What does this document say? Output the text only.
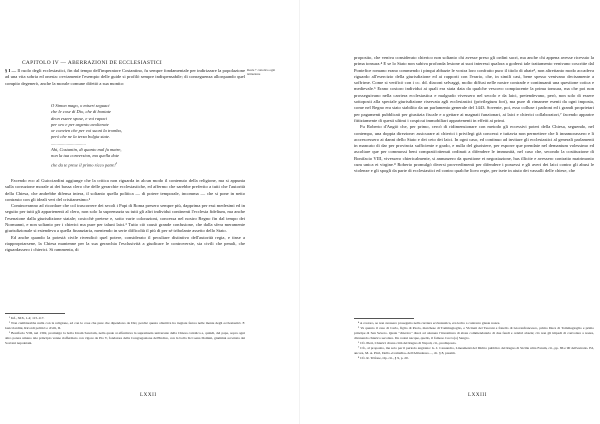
CAPITOLO IV — ABERRAZIONI DE ECCLESIASTICI
Reale + cattolico ogni istituzione

§ I — Il ruolo degli ecclesiastici, fin dal tempo dell'imperatore Costantino, fu sempre fondamentale per indirizzare la popolazione ad una vita sobria ed onesta: ovviamente l'esempio delle guide si profilò sempre indispensabile; di conseguenza allorquando quel compito degenerò, anche la morale comune difettò a sua monito:

O Simon mago, o miseri seguaci
che le cose di Dio, che di bontate
deon essere spose, e voi rapaci
per oro e per argento avolterate
or convien che per voi suoni la tromba,
però che ne la terza bolgia state.
...............................
Ahi, Costantin, di quanto mal fu matre,
non la tua conversion, ma quella dote
che da te prese il primo ricco patre!$^1$

Facendo eco al Guicciardini aggiunge che la critica non riguarda in alcun modo il contenuto della religione, ma si appunta sulla corruzione morale ai dei bassa clero che delle gerarchie ecclesiastiche, ed affermo che sarebbe preferito a tutti che l'autorità della Chiesa, che andrebbe difensa intera, il soltanto quella politica — di potere temporale, incomma — che si pone in netto contrasto con gli ideali veri del cristianesimo.²

Cominceranno ad ricordare che col trascorrere dei secoli i Papi di Roma presero sempre più, dapprima per essi medesimi ed in seguito per tutti gli appartenenti al clero, non solo la supremazia su tutti gli altri individui continenti l'ecclesia fidelium, ma anche l'esenzione dalla giurisdizione statale; cosicchè pretese e, sotto varie colorazioni, concessa nel nostro Regno fin dal tempo dei Normanni, e non soltanto per i chierici ma pure per taluni laici.³ Tutto ciò causò grande confusione, che dalla sfera meramente giurisdizionale si estendeva a quella finanziaria, mentendo in serie difficoltà il più di per sé tribolante assetto dello Stato.

Ed anche quando la potestà civile rivendicò quel potere, considerato il peculiare distintivo dell'autorità regia, e tinse a riappropriarsene, la Chiesa mantenne per la sua gerarchia l'esclusività a giudicare le controversie, sia civili che penali, che riguardassero i chierici. Si rammenta, di

¹ Inf., XIX, 1-4; 115-117.

² Non cambiarebbe nulla con la religione, ed con le cose che pure che dipendono da Dio; perché questa obiettiva ha tregiate ferrea nelle mente degli ecclesiastici. F. Guicciardini, Ricordi politici e civili, II.

³ Bonifacio VIII, nel 1302, promulgò la bolla Unam Sanctam, nella quale si affermava la supremazia universale della Chiesa cattolica e, quindi, del papa, sopra ogni altro potere umano tale principio venne riaffermato con vigore da Pio V, fondatore della Congregazione dell'Indice, con la bolla In Coena Domini, giammai accettata dai Sovrani napoletani.

LXXII

proposito, che veniva considerato chierico non soltanto chi avesse preso gli ordini sacri, ma anche chi appena avesse ricevuto la prima tonsura.⁴ E se lo Stato non subiva profonda lesione ai suoi interessi qualora a godersi tale trattamento venivano coscritte dal Pontefice romano erano commendo i pinqui abbazie le vostra loro confratto puro il titolo di abate⁵, non altrettanto modo accadeva riguardo all'esercizio della giurisdizione ed ai rapporti con l'erario, che, in simili casi, bene spesso venivano decisamente a soffrirne. Come si verificò con i cc. dd. diaconi selvaggi, molto diffusi nelle nostre contrade e continuanti una questione cotica e medievale.⁶ Erano costoro individui ai quali era stata data da qualche vescovo compiacente la prima tonsura, ma che poi non prosseguivano nella carriera ecclesiastica e malgrado vivessero nel secolo e da laici, pretendevano, però, non solo di essere sottoposti alla speciale giurisdizione riservata agli ecclesiastici (privilegium fori), ma pure di rimanere esenti da ogni imposta, come nel Regno era stato stabilito da un parlamento generale del 1443. Sovente, poi, esso colluse i padroni ed i grandi proprietari per pagamenti pubblicati per giustizia fiscale e a gettare ai magnati funzionari, ai laici e chierici collaboratori,⁷ facendo apparire fittiziamente di questi ultimi i cospicui immobiliari appartenenti in effetti ai primi.

Fu Roberto d'Angiò che, per primo, cercò di ridimensionare con metodo gli eccessivi poteri della Chiesa, seguendo, nel contempo, una doppia direzione: assicurare ai chierici i privilegi già concessi e tuttavia non permettere che li innamorassero e li accrescessero ai danni dello Stato e dei ceto dei laici. In ogni caso, ed continuo ad invitare gli ecclesiastici al generali parlamenti in mancato di dar per provincia sufficiente e grado, e nulla del giuristere, per esporre que prendate nel demanium volessimo ed ascoltare que per commossi beni comprati/ottenuti ordinati a difendere le immunità, nel caso che, secondo la costituzione di Bonifacio VIII, vivessero chiericalmente, si annunzero da questione et negoziazione, hus illicite e avessero contratto matrimonio cum unica et virgine.⁸ Roberto promulgò diversi provvedimenti per difendere i possessi e gli averi dei laici contro gli abusi le violenze e gli spogli da parte di ecclesiastici ed contro qualche liceo regie, per isete in aiuto dei vassalli delle chiese, che

⁴ A costoro, se non avessero proseguito nella carriera ecclesiastica, era lecito a contrarre giuste nozze.

⁵ Va quanto il caso di Carlo, figlio di Paolo, marchese di Tommagioglio, e Vicinati del Tuscani e fratello di Giovanfrancesco, primo Duca di Tommagioglio e primo principe di San Severo. Quale "chierico" diacè ad ottenere l'investitura di abate commendatario di due feudi e celebri abazie; ciò non gli impedì di convolare a nozze, divenendo chierico secolare. Da costui nacque, quello, il famoso Cecco(o) Sangro.

⁶ Cfr. Pieri, Chierici di una città del Regno di Napoli, cit., predisposto.

⁷ Cfr., al proposito, ma solo per il periodo angioino: G. I. Cassandro, Lineamenti del Diritto pubblico del Regno di Sicilia ultra Farum, cit., pp. 86 e 90 dell'estratto. Ed, ancora, M. A. Pirri, Della «Comédia» dell'Abbadessa ..., cit. § 8, passim.

⁸ Cfr. R. Trifone, Op. cit., § 9, p. 20.

LXXIII
